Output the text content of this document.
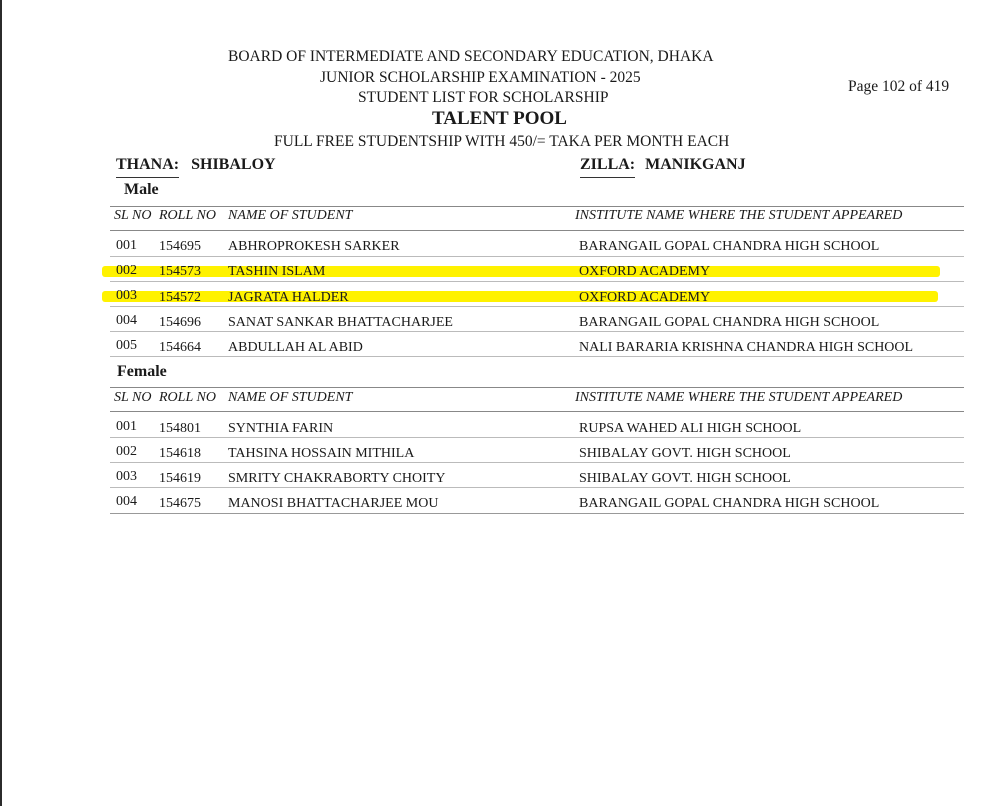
BOARD OF INTERMEDIATE AND SECONDARY EDUCATION, DHAKA
JUNIOR SCHOLARSHIP EXAMINATION - 2025
STUDENT LIST FOR SCHOLARSHIP
Page 102 of 419
TALENT POOL
FULL FREE STUDENTSHIP WITH 450/= TAKA PER MONTH EACH
THANA: SHIBALOY	ZILLA: MANIKGANJ
Male
SL NO ROLL NO NAME OF STUDENT	INSTITUTE NAME WHERE THE STUDENT APPEARED
001 154695 ABHROPROKESH SARKER	BARANGAIL GOPAL CHANDRA HIGH SCHOOL
002 154573 TASHIN ISLAM	OXFORD ACADEMY
003 154572 JAGRATA HALDER	OXFORD ACADEMY
004 154696 SANAT SANKAR BHATTACHARJEE	BARANGAIL GOPAL CHANDRA HIGH SCHOOL
005 154664 ABDULLAH AL ABID	NALI BARARIA KRISHNA CHANDRA HIGH SCHOOL
Female
SL NO ROLL NO NAME OF STUDENT	INSTITUTE NAME WHERE THE STUDENT APPEARED
001 154801 SYNTHIA FARIN	RUPSA WAHED ALI HIGH SCHOOL
002 154618 TAHSINA HOSSAIN MITHILA	SHIBALAY GOVT. HIGH SCHOOL
003 154619 SMRITY CHAKRABORTY CHOITY	SHIBALAY GOVT. HIGH SCHOOL
004 154675 MANOSI BHATTACHARJEE MOU	BARANGAIL GOPAL CHANDRA HIGH SCHOOL
